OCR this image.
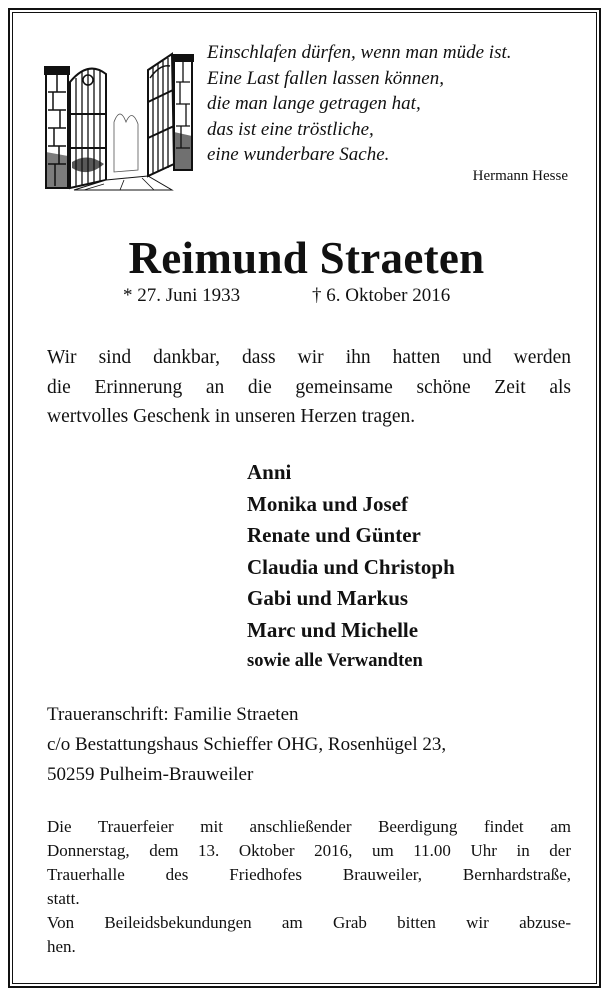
Einschlafen dürfen, wenn man müde ist.
Eine Last fallen lassen können,
die man lange getragen hat,
das ist eine tröstliche,
eine wunderbare Sache.
Hermann Hesse
Reimund Straeten
* 27. Juni 1933	† 6. Oktober 2016
Wir sind dankbar, dass wir ihn hatten und werden
die Erinnerung an die gemeinsame schöne Zeit als
wertvolles Geschenk in unseren Herzen tragen.
Anni
Monika und Josef
Renate und Günter
Claudia und Christoph
Gabi und Markus
Marc und Michelle
sowie alle Verwandten
Traueranschrift: Familie Straeten
c/o Bestattungshaus Schieffer OHG, Rosenhügel 23,
50259 Pulheim-Brauweiler
Die Trauerfeier mit anschließender Beerdigung findet am
Donnerstag, dem 13. Oktober 2016, um 11.00 Uhr in der
Trauerhalle des Friedhofes Brauweiler, Bernhardstraße,
statt.
Von Beileidsbekundungen am Grab bitten wir abzuse-
hen.
